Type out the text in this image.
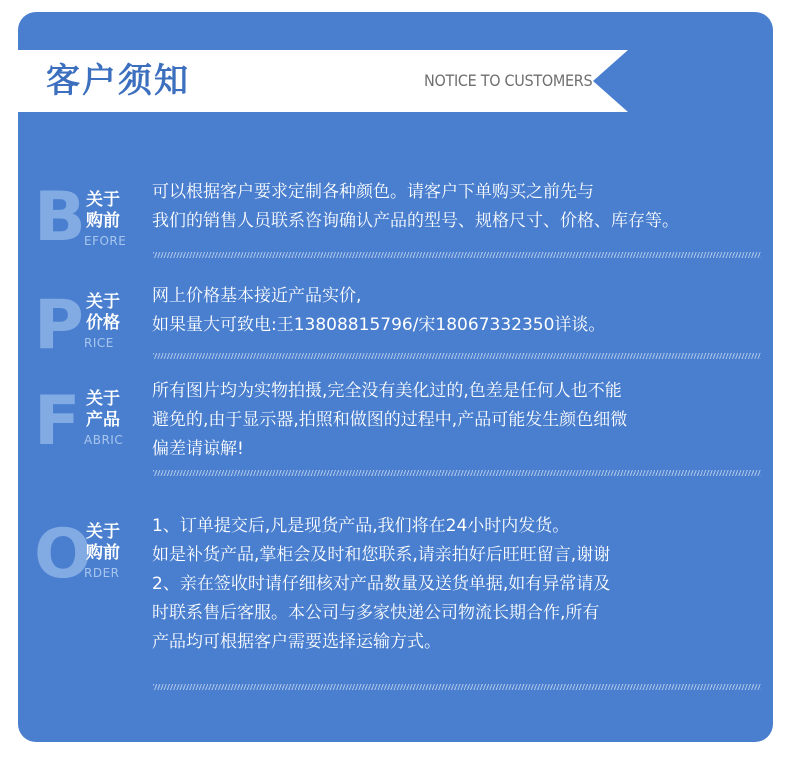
客户须知	NOTICE TO CUSTOMERS
B 关于
购前
EFORE
可以根据客户要求定制各种颜色。请客户下单购买之前先与
我们的销售人员联系咨询确认产品的型号、规格尺寸、价格、库存等。
P 关于
价格
RICE
网上价格基本接近产品实价,
如果量大可致电:王13808815796/宋18067332350详谈。
F 关于
产品
ABRIC
所有图片均为实物拍摄,完全没有美化过的,色差是任何人也不能
避免的,由于显示器,拍照和做图的过程中,产品可能发生颜色细微
偏差请谅解!
O
关于
购前
RDER
1、订单提交后,凡是现货产品,我们将在24小时内发货。
如是补货产品,掌柜会及时和您联系,请亲拍好后旺旺留言,谢谢
2、亲在签收时请仔细核对产品数量及送货单据,如有异常请及
时联系售后客服。本公司与多家快递公司物流长期合作,所有
产品均可根据客户需要选择运输方式。
